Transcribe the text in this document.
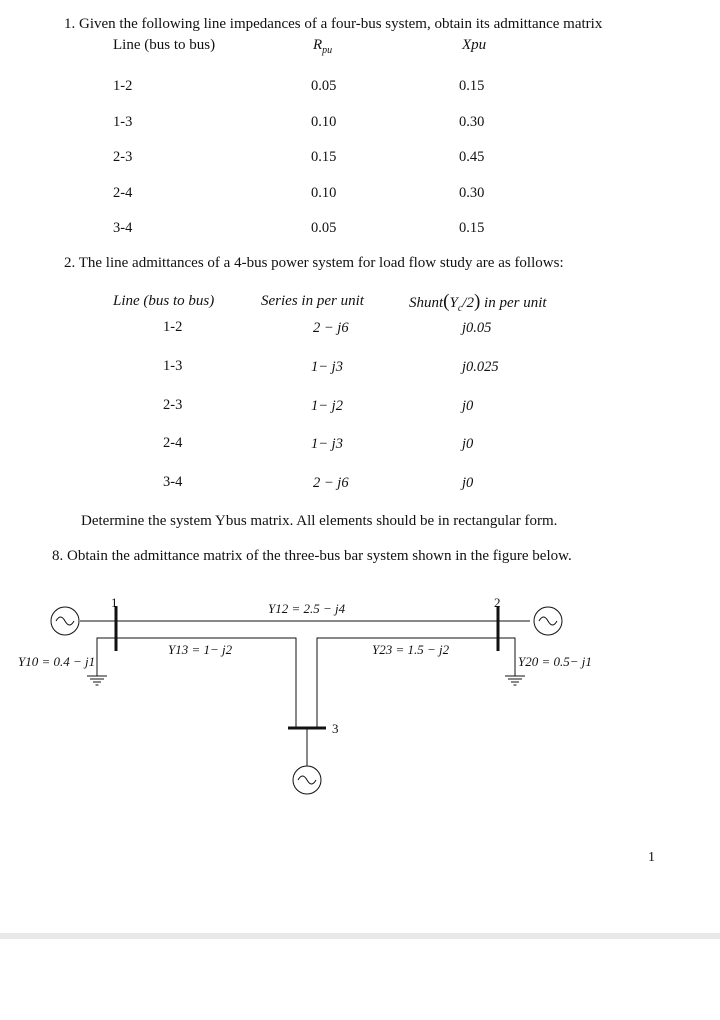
1. Given the following line impedances of a four-bus system, obtain its admittance matrix
Line (bus to bus)	$R_{pu}$	Xpu
1-2	0.05	0.15
1-3	0.10	0.30
2-3	0.15	0.45
2-4	0.10	0.30
3-4	0.05	0.15
2. The line admittances of a 4-bus power system for load flow study are as follows:
Line (bus to bus)	Series in per unit	$Shunt(Y_c/2)$ in per unit
1-2	2 − j6	j0.05
1-3	1− j3	j0.025
2-3	1− j2	j0
2-4	1− j3	j0
3-4	2 − j6	j0
Determine the system Ybus matrix. All elements should be in rectangular form.
8. Obtain the admittance matrix of the three-bus bar system shown in the figure below.
1	2
3
Y12 = 2.5 − j4
Y13 = 1− j2	Y23 = 1.5 − j2
Y10 = 0.4 − j1	Y20 = 0.5− j1
1
